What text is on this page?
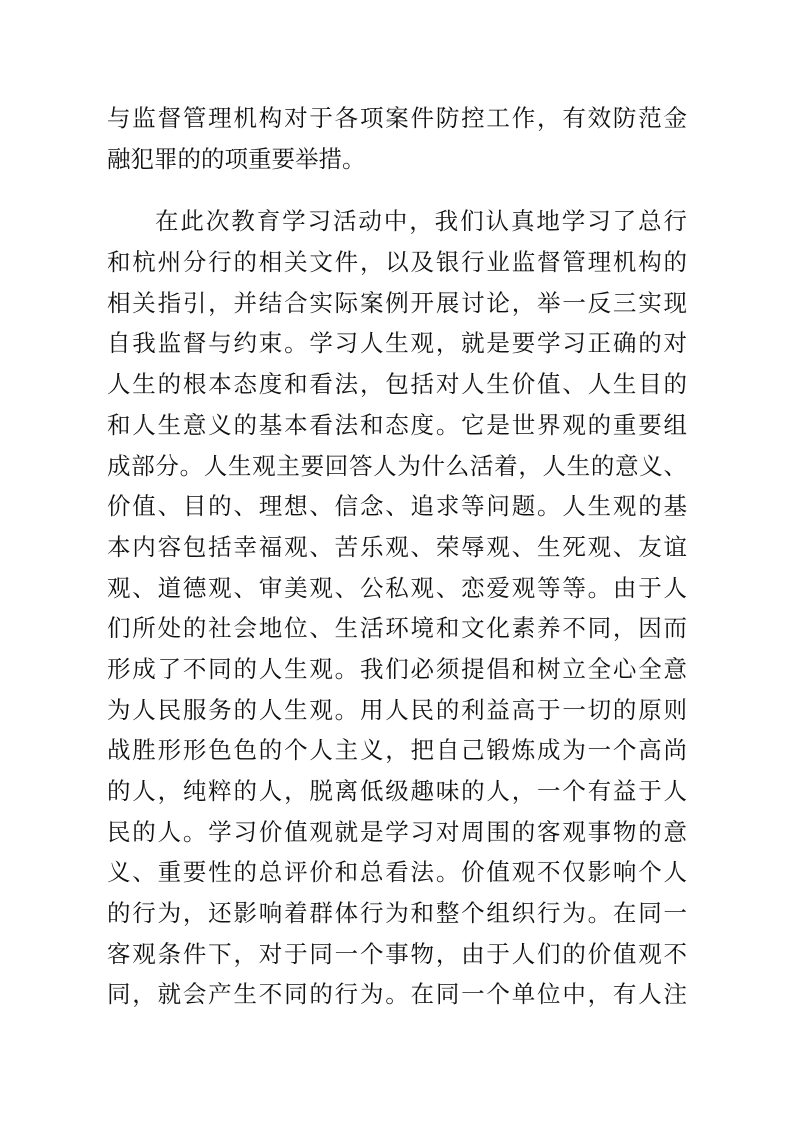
与监督管理机构对于各项案件防控工作，有效防范金
融犯罪的的项重要举措。
在此次教育学习活动中，我们认真地学习了总行
和杭州分行的相关文件，以及银行业监督管理机构的
相关指引，并结合实际案例开展讨论，举一反三实现
自我监督与约束。学习人生观，就是要学习正确的对
人生的根本态度和看法，包括对人生价值、人生目的
和人生意义的基本看法和态度。它是世界观的重要组
成部分。人生观主要回答人为什么活着，人生的意义、
价值、目的、理想、信念、追求等问题。人生观的基
本内容包括幸福观、苦乐观、荣辱观、生死观、友谊
观、道德观、审美观、公私观、恋爱观等等。由于人
们所处的社会地位、生活环境和文化素养不同，因而
形成了不同的人生观。我们必须提倡和树立全心全意
为人民服务的人生观。用人民的利益高于一切的原则
战胜形形色色的个人主义，把自己锻炼成为一个高尚
的人，纯粹的人，脱离低级趣味的人，一个有益于人
民的人。学习价值观就是学习对周围的客观事物的意
义、重要性的总评价和总看法。价值观不仅影响个人
的行为，还影响着群体行为和整个组织行为。在同一
客观条件下，对于同一个事物，由于人们的价值观不
同，就会产生不同的行为。在同一个单位中，有人注
